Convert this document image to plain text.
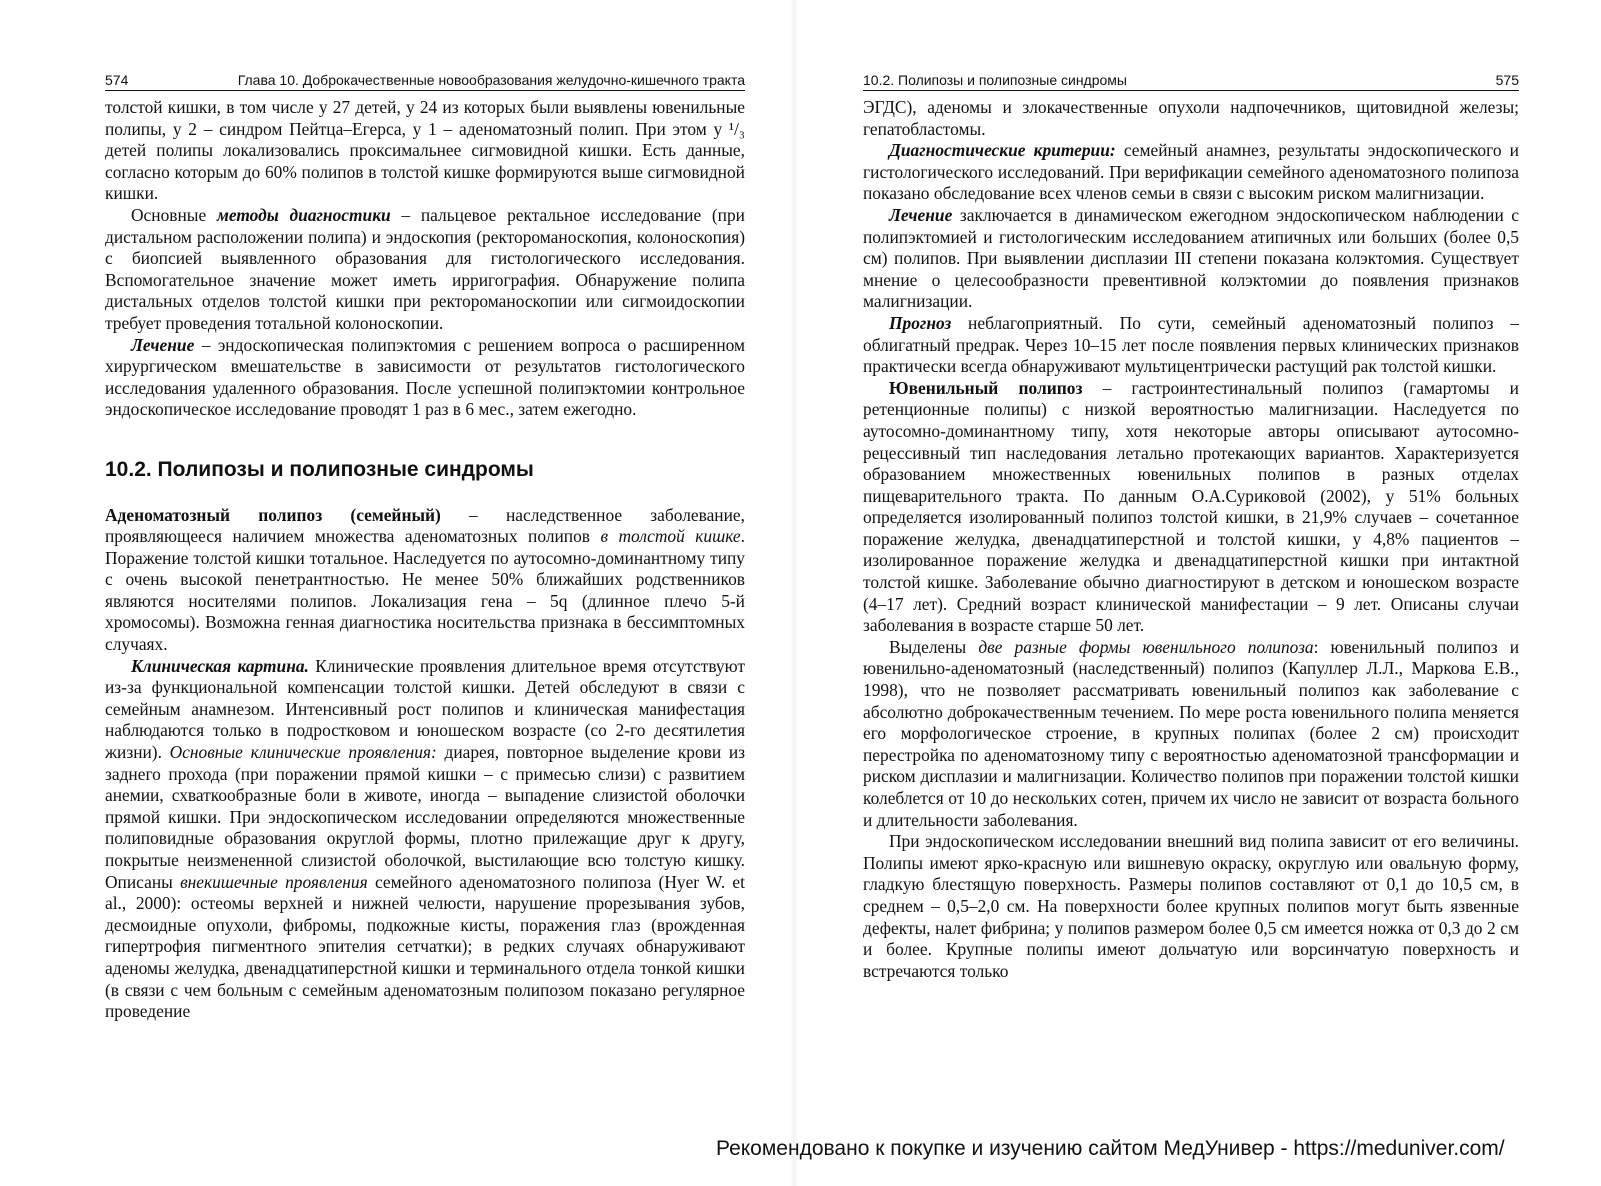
574	Глава 10. Доброкачественные новообразования желудочно-кишечного тракта

толстой кишки, в том числе у 27 детей, у 24 из которых были выявлены ювенильные полипы, у 2 – синдром Пейтца–Егерса, у 1 – аденоматозный полип. При этом у ¹/₃ детей полипы локализовались проксимальнее сигмовидной кишки. Есть данные, согласно которым до 60% полипов в толстой кишке формируются выше сигмовидной кишки.

Основные методы диагностики – пальцевое ректальное исследование (при дистальном расположении полипа) и эндоскопия (ректороманоскопия, колоноскопия) с биопсией выявленного образования для гистологического исследования. Вспомогательное значение может иметь ирригография. Обнаружение полипа дистальных отделов толстой кишки при ректороманоскопии или сигмоидоскопии требует проведения тотальной колоноскопии.

Лечение – эндоскопическая полипэктомия с решением вопроса о расширенном хирургическом вмешательстве в зависимости от результатов гистологического исследования удаленного образования. После успешной полипэктомии контрольное эндоскопическое исследование проводят 1 раз в 6 мес., затем ежегодно.

10.2. Полипозы и полипозные синдромы

Аденоматозный полипоз (семейный) – наследственное заболевание, проявляющееся наличием множества аденоматозных полипов в толстой кишке. Поражение толстой кишки тотальное. Наследуется по аутосомно-доминантному типу с очень высокой пенетрантностью. Не менее 50% ближайших родственников являются носителями полипов. Локализация гена – 5q (длинное плечо 5-й хромосомы). Возможна генная диагностика носительства признака в бессимптомных случаях.

Клиническая картина. Клинические проявления длительное время отсутствуют из-за функциональной компенсации толстой кишки. Детей обследуют в связи с семейным анамнезом. Интенсивный рост полипов и клиническая манифестация наблюдаются только в подростковом и юношеском возрасте (со 2-го десятилетия жизни). Основные клинические проявления: диарея, повторное выделение крови из заднего прохода (при поражении прямой кишки – с примесью слизи) с развитием анемии, схваткообразные боли в животе, иногда – выпадение слизистой оболочки прямой кишки. При эндоскопическом исследовании определяются множественные полиповидные образования округлой формы, плотно прилежащие друг к другу, покрытые неизмененной слизистой оболочкой, выстилающие всю толстую кишку. Описаны внекишечные проявления семейного аденоматозного полипоза (Hyer W. et al., 2000): остеомы верхней и нижней челюсти, нарушение прорезывания зубов, десмоидные опухоли, фибромы, подкожные кисты, поражения глаз (врожденная гипертрофия пигментного эпителия сетчатки); в редких случаях обнаруживают аденомы желудка, двенадцатиперстной кишки и терминального отдела тонкой кишки (в связи с чем больным с семейным аденоматозным полипозом показано регулярное проведение

10.2. Полипозы и полипозные синдромы	575

ЭГДС), аденомы и злокачественные опухоли надпочечников, щитовидной железы; гепатобластомы.

Диагностические критерии: семейный анамнез, результаты эндоскопического и гистологического исследований. При верификации семейного аденоматозного полипоза показано обследование всех членов семьи в связи с высоким риском малигнизации.

Лечение заключается в динамическом ежегодном эндоскопическом наблюдении с полипэктомией и гистологическим исследованием атипичных или больших (более 0,5 см) полипов. При выявлении дисплазии III степени показана колэктомия. Существует мнение о целесообразности превентивной колэктомии до появления признаков малигнизации.

Прогноз неблагоприятный. По сути, семейный аденоматозный полипоз – облигатный предрак. Через 10–15 лет после появления первых клинических признаков практически всегда обнаруживают мультицентрически растущий рак толстой кишки.

Ювенильный полипоз – гастроинтестинальный полипоз (гамартомы и ретенционные полипы) с низкой вероятностью малигнизации. Наследуется по аутосомно-доминантному типу, хотя некоторые авторы описывают аутосомно-рецессивный тип наследования летально протекающих вариантов. Характеризуется образованием множественных ювенильных полипов в разных отделах пищеварительного тракта. По данным О.А.Суриковой (2002), у 51% больных определяется изолированный полипоз толстой кишки, в 21,9% случаев – сочетанное поражение желудка, двенадцатиперстной и толстой кишки, у 4,8% пациентов – изолированное поражение желудка и двенадцатиперстной кишки при интактной толстой кишке. Заболевание обычно диагностируют в детском и юношеском возрасте (4–17 лет). Средний возраст клинической манифестации – 9 лет. Описаны случаи заболевания в возрасте старше 50 лет.

Выделены две разные формы ювенильного полипоза: ювенильный полипоз и ювенильно-аденоматозный (наследственный) полипоз (Капуллер Л.Л., Маркова Е.В., 1998), что не позволяет рассматривать ювенильный полипоз как заболевание с абсолютно доброкачественным течением. По мере роста ювенильного полипа меняется его морфологическое строение, в крупных полипах (более 2 см) происходит перестройка по аденоматозному типу с вероятностью аденоматозной трансформации и риском дисплазии и малигнизации. Количество полипов при поражении толстой кишки колеблется от 10 до нескольких сотен, причем их число не зависит от возраста больного и длительности заболевания.

При эндоскопическом исследовании внешний вид полипа зависит от его величины. Полипы имеют ярко-красную или вишневую окраску, округлую или овальную форму, гладкую блестящую поверхность. Размеры полипов составляют от 0,1 до 10,5 см, в среднем – 0,5–2,0 см. На поверхности более крупных полипов могут быть язвенные дефекты, налет фибрина; у полипов размером более 0,5 см имеется ножка от 0,3 до 2 см и более. Крупные полипы имеют дольчатую или ворсинчатую поверхность и встречаются только

Рекомендовано к покупке и изучению сайтом МедУнивер - https://meduniver.com/
